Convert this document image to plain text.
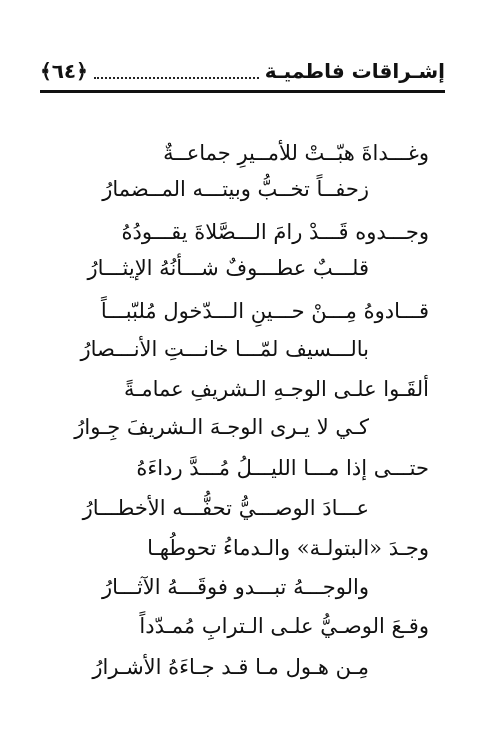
إشـراقات فاطميـة
﴿٦٤﴾
وغـــداةَ هبّــتْ للأمــيرِ جماعــةٌ
زحفــاً تخــبُّ وبيتـــه المــضمارُ
وجـــدوه قَـــدْ رامَ الـــصَّلاةَ يقـــودُهُ
قلـــبٌ عطـــوفٌ شـــأنُهُ الإيثـــارُ
قـــادوهُ مِـــنْ حـــينِ الـــدّخول مُلبّبـــاً
بالـــسيف لمّـــا خانـــتِ الأنـــصارُ
ألقَـوا علـى الوجـهِ الـشريفِ عمامـةً
كـي لا يـرى الوجـهَ الـشريفَ جِـوارُ
حتـــى إذا مـــا الليـــلُ مُـــدَّ رداءَهُ
عـــادَ الوصـــيُّ تحفُّـــه الأخطـــارُ
وجـدَ «البتولـة» والـدماءُ تحوطُهـا
والوجـــهُ تبـــدو فوقَـــهُ الآثـــارُ
وقـعَ الوصـيُّ علـى الـترابِ مُمـدّداً
مِـن هـول مـا قـد جـاءَهُ الأشـرارُ
